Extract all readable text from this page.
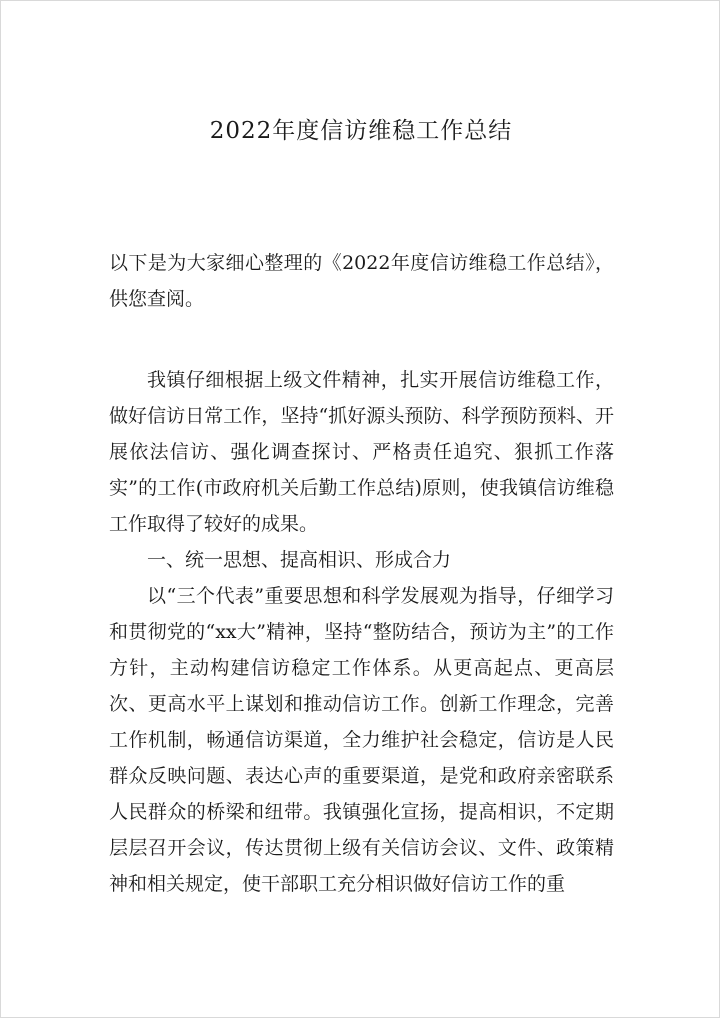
2022年度信访维稳工作总结

以下是为大家细心整理的《2022年度信访维稳工作总结》，供您查阅。

我镇仔细根据上级文件精神，扎实开展信访维稳工作，做好信访日常工作，坚持“抓好源头预防、科学预防预料、开展依法信访、强化调查探讨、严格责任追究、狠抓工作落实”的工作(市政府机关后勤工作总结)原则，使我镇信访维稳工作取得了较好的成果。

一、统一思想、提高相识、形成合力

以“三个代表”重要思想和科学发展观为指导，仔细学习和贯彻党的“xx大”精神，坚持“整防结合，预访为主”的工作方针，主动构建信访稳定工作体系。从更高起点、更高层次、更高水平上谋划和推动信访工作。创新工作理念，完善工作机制，畅通信访渠道，全力维护社会稳定，信访是人民群众反映问题、表达心声的重要渠道，是党和政府亲密联系人民群众的桥梁和纽带。我镇强化宣扬，提高相识，不定期层层召开会议，传达贯彻上级有关信访会议、文件、政策精神和相关规定，使干部职工充分相识做好信访工作的重
